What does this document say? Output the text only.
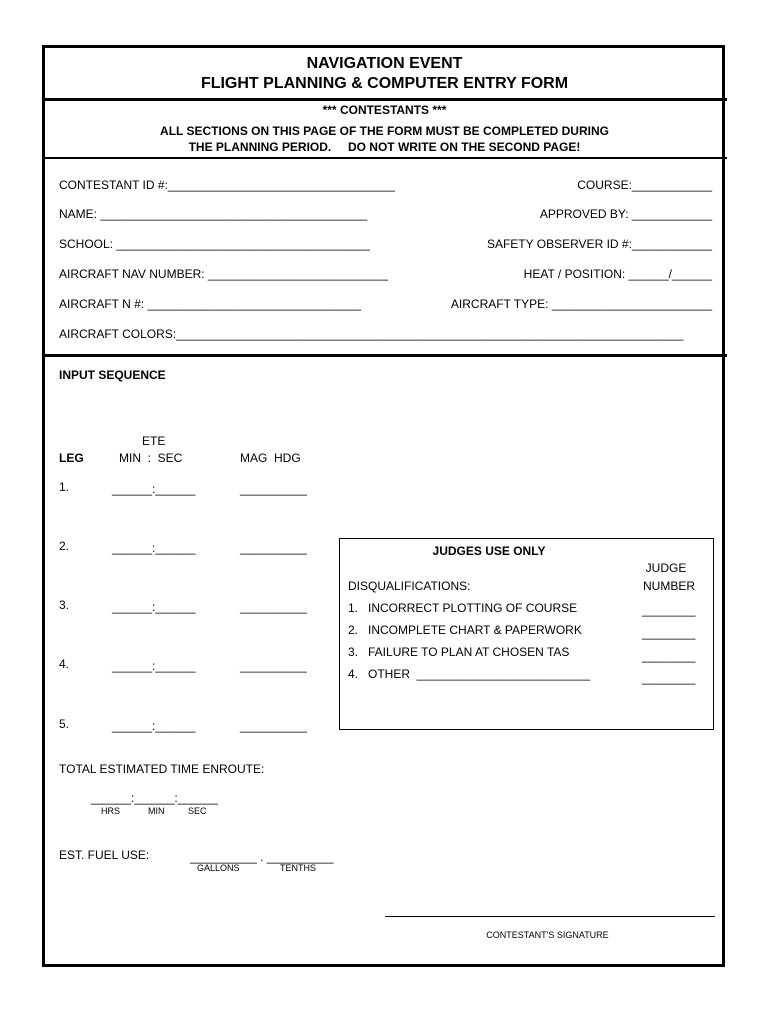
NAVIGATION EVENT
FLIGHT PLANNING & COMPUTER ENTRY FORM
*** CONTESTANTS ***
ALL SECTIONS ON THIS PAGE OF THE FORM MUST BE COMPLETED DURING
THE PLANNING PERIOD.     DO NOT WRITE ON THE SECOND PAGE!
CONTESTANT ID #:__________________________________	COURSE:____________
NAME: ________________________________________	APPROVED BY: ____________
SCHOOL: ______________________________________	SAFETY OBSERVER ID #:____________
AIRCRAFT NAV NUMBER: ___________________________	HEAT / POSITION: ______/______
AIRCRAFT N #: ________________________________	AIRCRAFT TYPE: ________________________
AIRCRAFT COLORS:____________________________________________________________________________
INPUT SEQUENCE
ETE
LEG	MIN  :  SEC	MAG  HDG
1.	______:______	__________
2.	______:______	__________
3.	______:______	__________
4.	______:______	__________
5.	______:______	__________
JUDGES USE ONLY
JUDGE
NUMBER
DISQUALIFICATIONS:
1.   INCORRECT PLOTTING OF COURSE	________
2.   INCOMPLETE CHART & PAPERWORK	________
3.   FAILURE TO PLAN AT CHOSEN TAS	________
4.   OTHER  __________________________	________
TOTAL ESTIMATED TIME ENROUTE:
______:______:______
HRS	MIN	SEC
EST. FUEL USE:	__________ . __________
GALLONS	TENTHS
CONTESTANT'S SIGNATURE
